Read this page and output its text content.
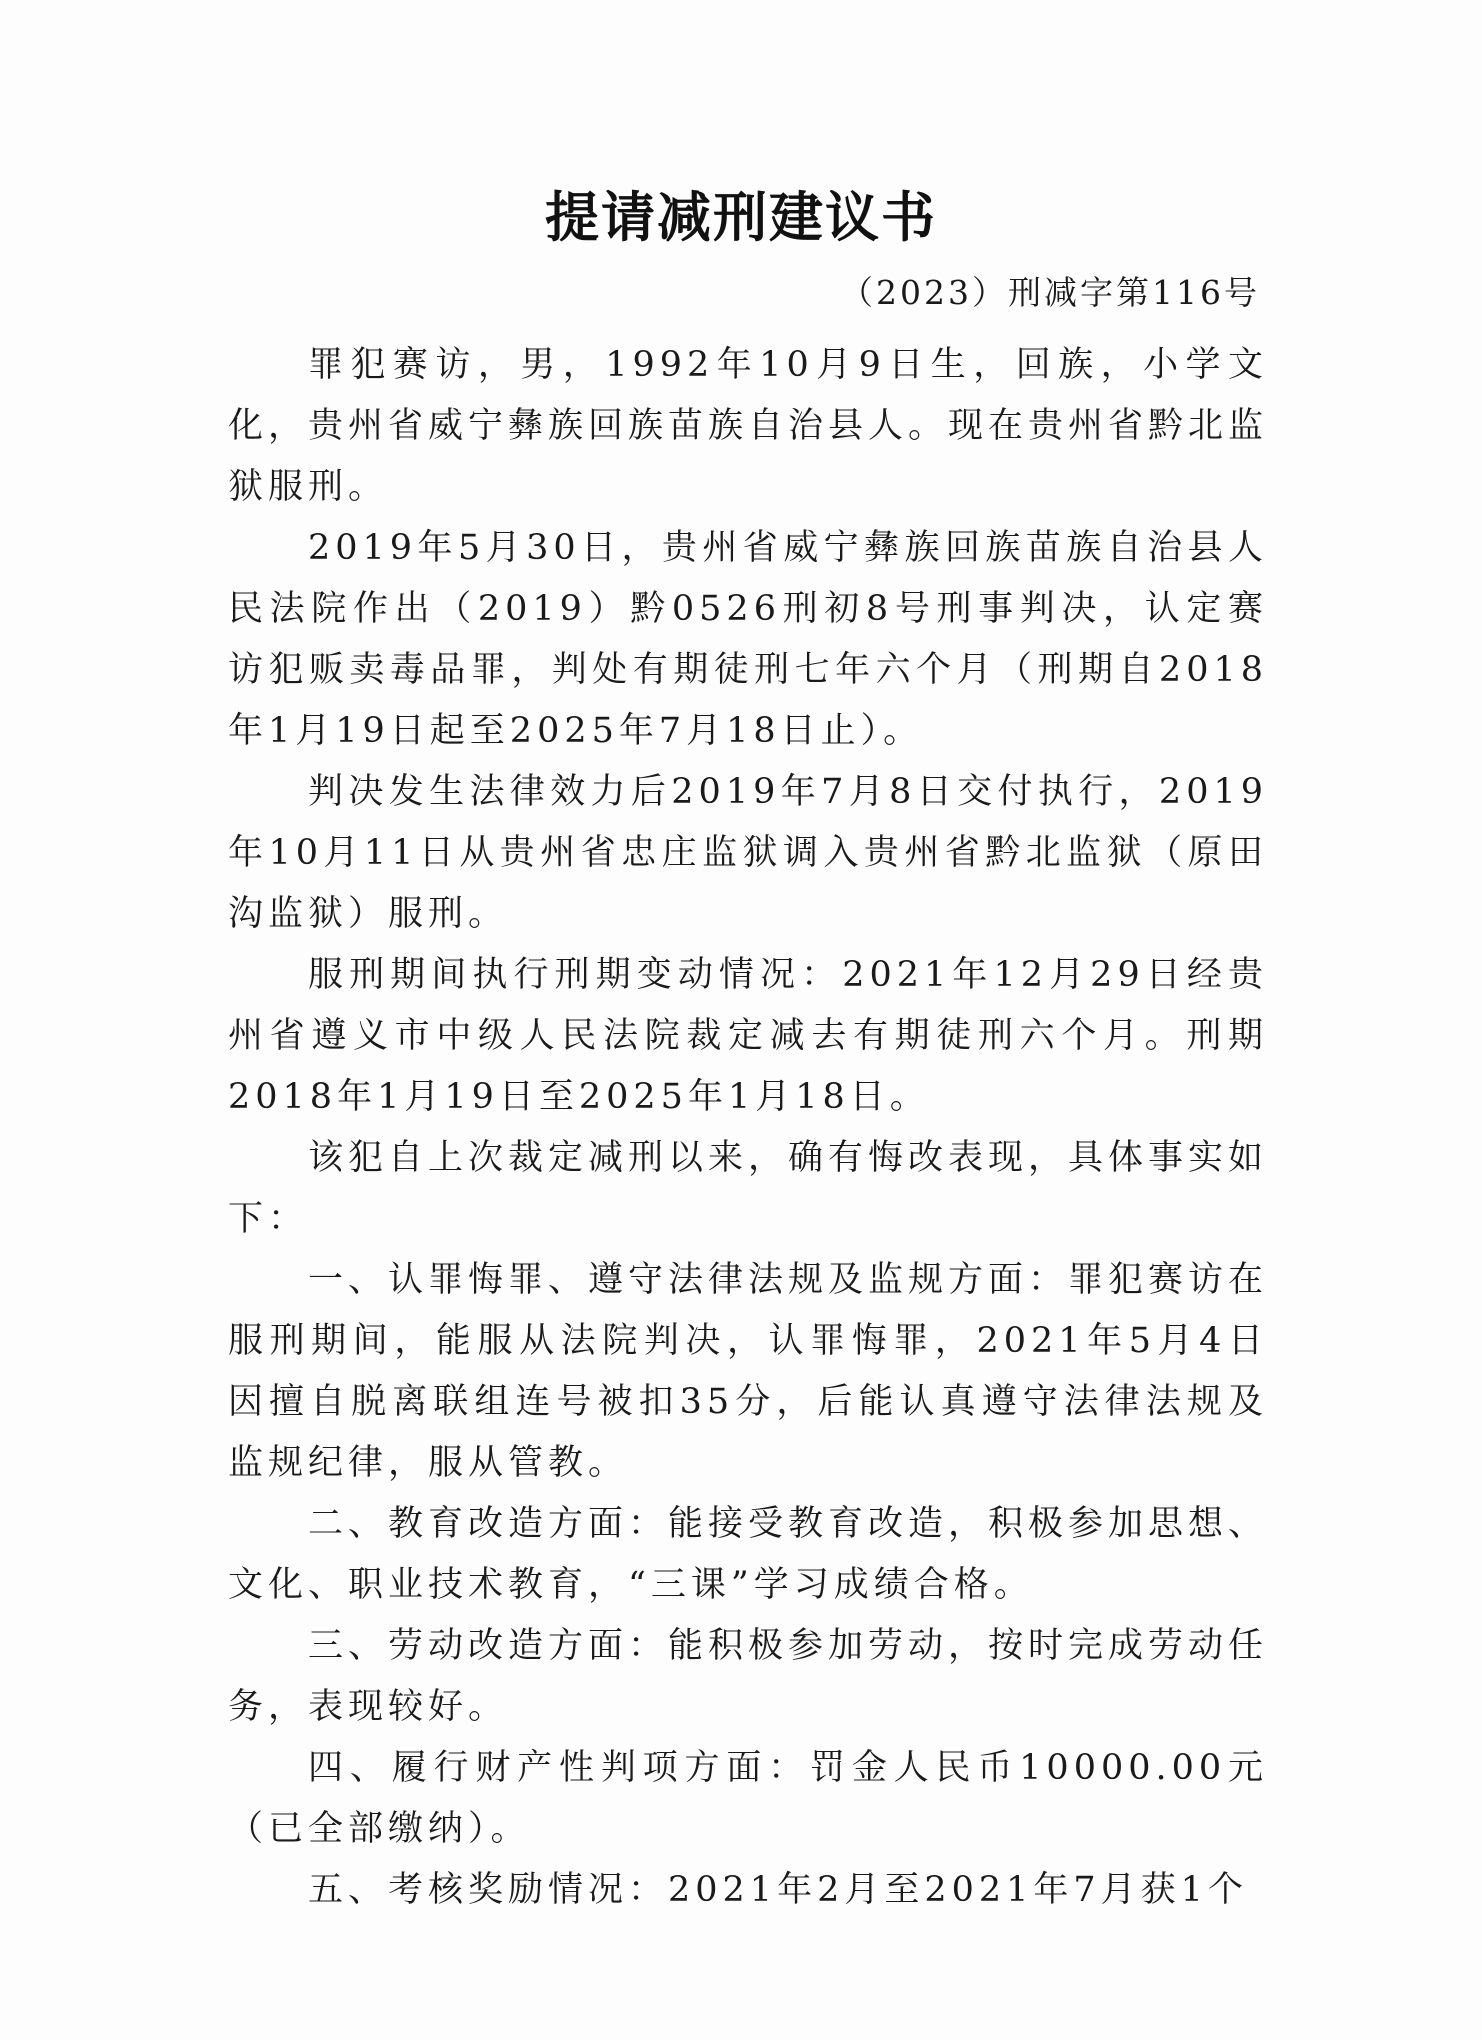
提请减刑建议书
（2023）刑减字第116号

罪犯赛访，男，1992年10月9日生，回族，小学文化，贵州省威宁彝族回族苗族自治县人。现在贵州省黔北监狱服刑。

2019年5月30日，贵州省威宁彝族回族苗族自治县人民法院作出（2019）黔0526刑初8号刑事判决，认定赛访犯贩卖毒品罪，判处有期徒刑七年六个月（刑期自2018年1月19日起至2025年7月18日止）。

判决发生法律效力后2019年7月8日交付执行，2019年10月11日从贵州省忠庄监狱调入贵州省黔北监狱（原田沟监狱）服刑。

服刑期间执行刑期变动情况：2021年12月29日经贵州省遵义市中级人民法院裁定减去有期徒刑六个月。刑期2018年1月19日至2025年1月18日。

该犯自上次裁定减刑以来，确有悔改表现，具体事实如下：

一、认罪悔罪、遵守法律法规及监规方面：罪犯赛访在服刑期间，能服从法院判决，认罪悔罪，2021年5月4日因擅自脱离联组连号被扣35分，后能认真遵守法律法规及监规纪律，服从管教。

二、教育改造方面：能接受教育改造，积极参加思想、文化、职业技术教育，“三课”学习成绩合格。

三、劳动改造方面：能积极参加劳动，按时完成劳动任务，表现较好。

四、履行财产性判项方面：罚金人民币10000.00元（已全部缴纳）。

五、考核奖励情况：2021年2月至2021年7月获1个
